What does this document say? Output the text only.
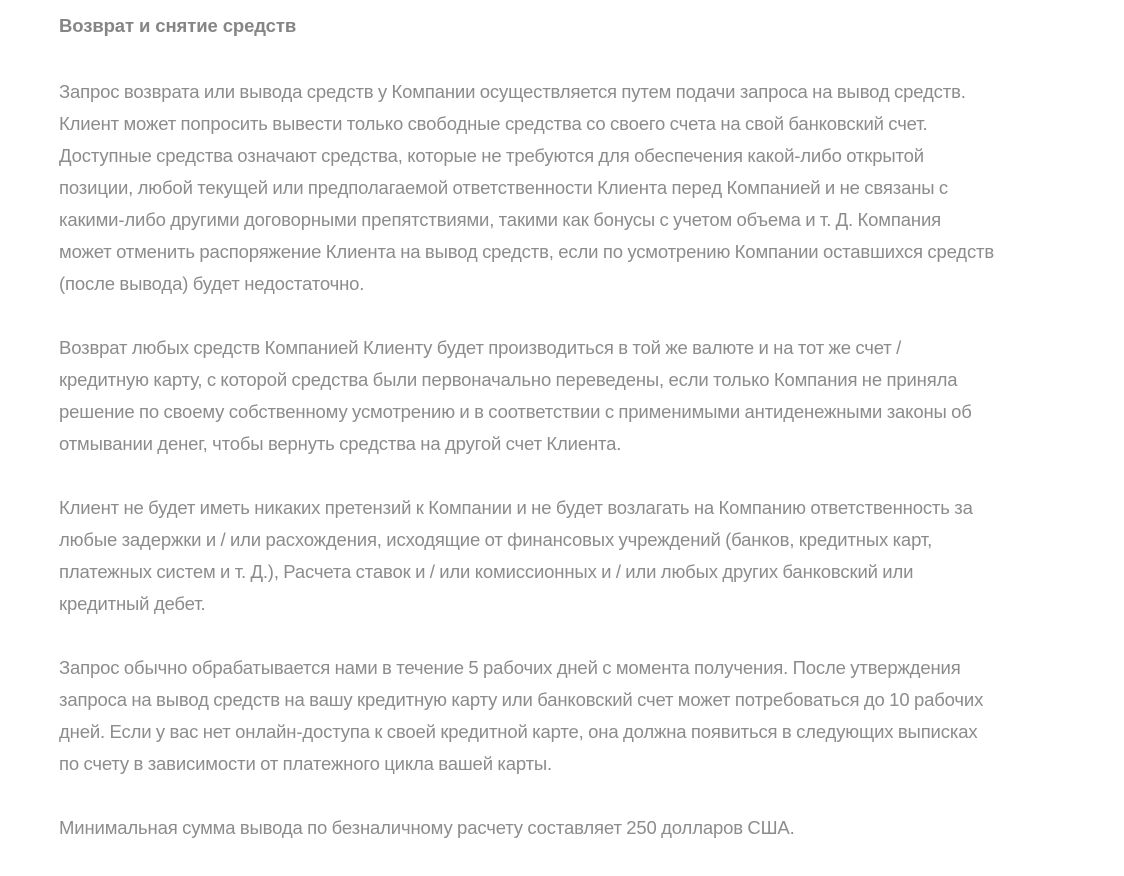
Возврат и снятие средств
Запрос возврата или вывода средств у Компании осуществляется путем подачи запроса на вывод средств.
Клиент может попросить вывести только свободные средства со своего счета на свой банковский счет.
Доступные средства означают средства, которые не требуются для обеспечения какой-либо открытой
позиции, любой текущей или предполагаемой ответственности Клиента перед Компанией и не связаны с
какими-либо другими договорными препятствиями, такими как бонусы с учетом объема и т. Д. Компания
может отменить распоряжение Клиента на вывод средств, если по усмотрению Компании оставшихся средств
(после вывода) будет недостаточно.
Возврат любых средств Компанией Клиенту будет производиться в той же валюте и на тот же счет /
кредитную карту, с которой средства были первоначально переведены, если только Компания не приняла
решение по своему собственному усмотрению и в соответствии с применимыми антиденежными законы об
отмывании денег, чтобы вернуть средства на другой счет Клиента.
Клиент не будет иметь никаких претензий к Компании и не будет возлагать на Компанию ответственность за
любые задержки и / или расхождения, исходящие от финансовых учреждений (банков, кредитных карт,
платежных систем и т. Д.), Расчета ставок и / или комиссионных и / или любых других банковский или
кредитный дебет.
Запрос обычно обрабатывается нами в течение 5 рабочих дней с момента получения. После утверждения
запроса на вывод средств на вашу кредитную карту или банковский счет может потребоваться до 10 рабочих
дней. Если у вас нет онлайн-доступа к своей кредитной карте, она должна появиться в следующих выписках
по счету в зависимости от платежного цикла вашей карты.
Минимальная сумма вывода по безналичному расчету составляет 250 долларов США.
